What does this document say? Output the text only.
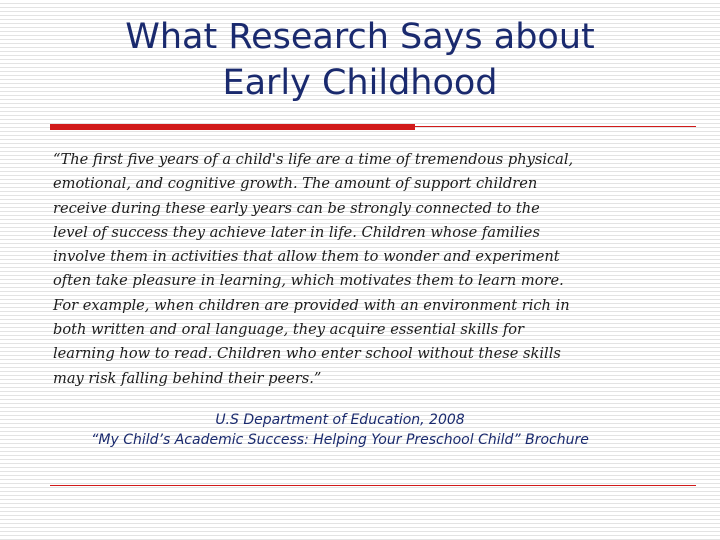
What Research Says about
Early Childhood

“The first five years of a child's life are a time of tremendous physical,
emotional, and cognitive growth. The amount of support children
receive during these early years can be strongly connected to the
level of success they achieve later in life. Children whose families
involve them in activities that allow them to wonder and experiment
often take pleasure in learning, which motivates them to learn more.
For example, when children are provided with an environment rich in
both written and oral language, they acquire essential skills for
learning how to read. Children who enter school without these skills
may risk falling behind their peers.”

U.S Department of Education, 2008
“My Child’s Academic Success: Helping Your Preschool Child” Brochure
